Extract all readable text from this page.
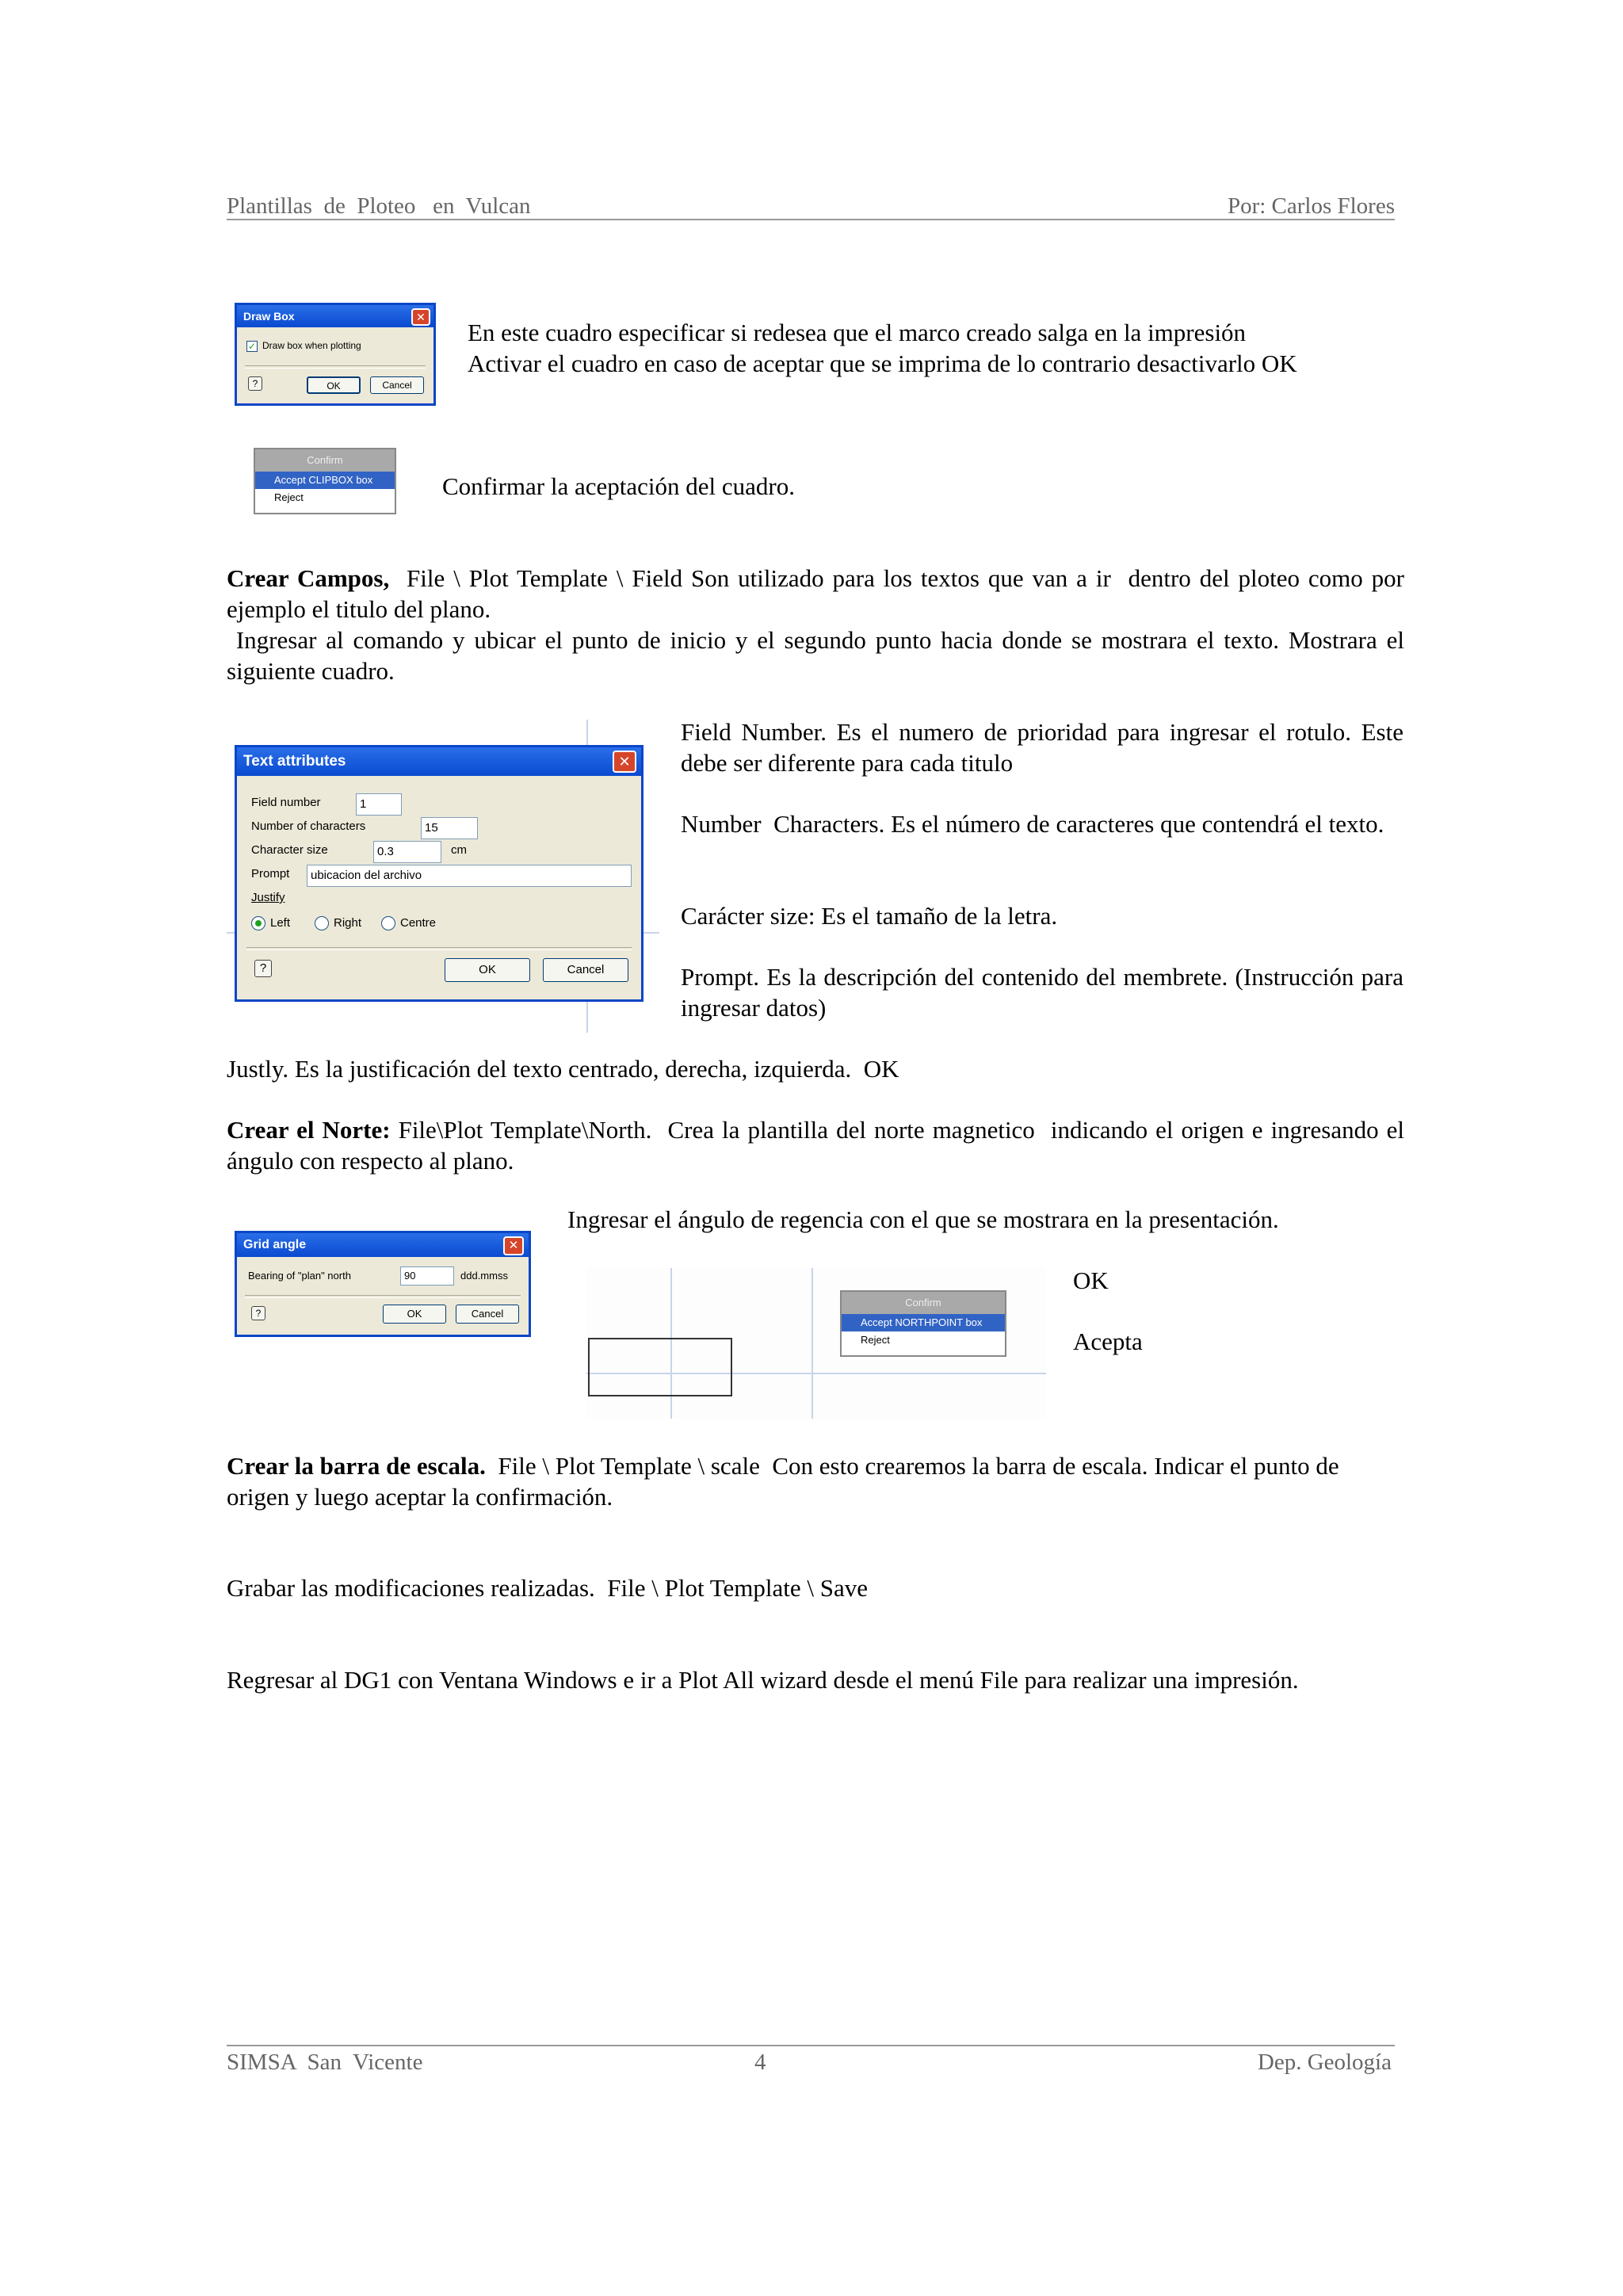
Plantillas  de  Ploteo   en  Vulcan	Por: Carlos Flores
Draw Box	✕
✓ Draw box when plotting
?	OK	Cancel
En este cuadro especificar si redesea que el marco creado salga en la impresión
Activar el cuadro en caso de aceptar que se imprima de lo contrario desactivarlo OK
Confirm
Accept CLIPBOX box
Reject	Confirmar la aceptación del cuadro.
Crear Campos,  File \ Plot Template \ Field Son utilizado para los textos que van a ir  dentro del ploteo como por ejemplo el titulo del plano.
Ingresar al comando y ubicar el punto de inicio y el segundo punto hacia donde se mostrara el texto. Mostrara el siguiente cuadro.
Text attributes	✕
Field number	1
Number of characters	15
Character size	0.3	cm
Prompt	ubicacion del archivo
Justify
Left	Right	Centre
?	OK	Cancel
Field Number. Es el numero de prioridad para ingresar el rotulo. Este debe ser diferente para cada titulo
Number  Characters. Es el número de caracteres que contendrá el texto.
Carácter size: Es el tamaño de la letra.
Prompt. Es la descripción del contenido del membrete. (Instrucción para ingresar datos)
Justly. Es la justificación del texto centrado, derecha, izquierda.  OK
Crear el Norte: File\Plot Template\North.  Crea la plantilla del norte magnetico  indicando el origen e ingresando el ángulo con respecto al plano.
Grid angle	✕
Bearing of "plan" north	90	ddd.mmss
?	OK	Cancel
Ingresar el ángulo de regencia con el que se mostrara en la presentación.
Confirm
Accept NORTHPOINT box
Reject
OK
Acepta
Crear la barra de escala.  File \ Plot Template \ scale  Con esto crearemos la barra de escala. Indicar el punto de origen y luego aceptar la confirmación.
Grabar las modificaciones realizadas.  File \ Plot Template \ Save
Regresar al DG1 con Ventana Windows e ir a Plot All wizard desde el menú File para realizar una impresión.
SIMSA  San  Vicente	4	Dep. Geología
